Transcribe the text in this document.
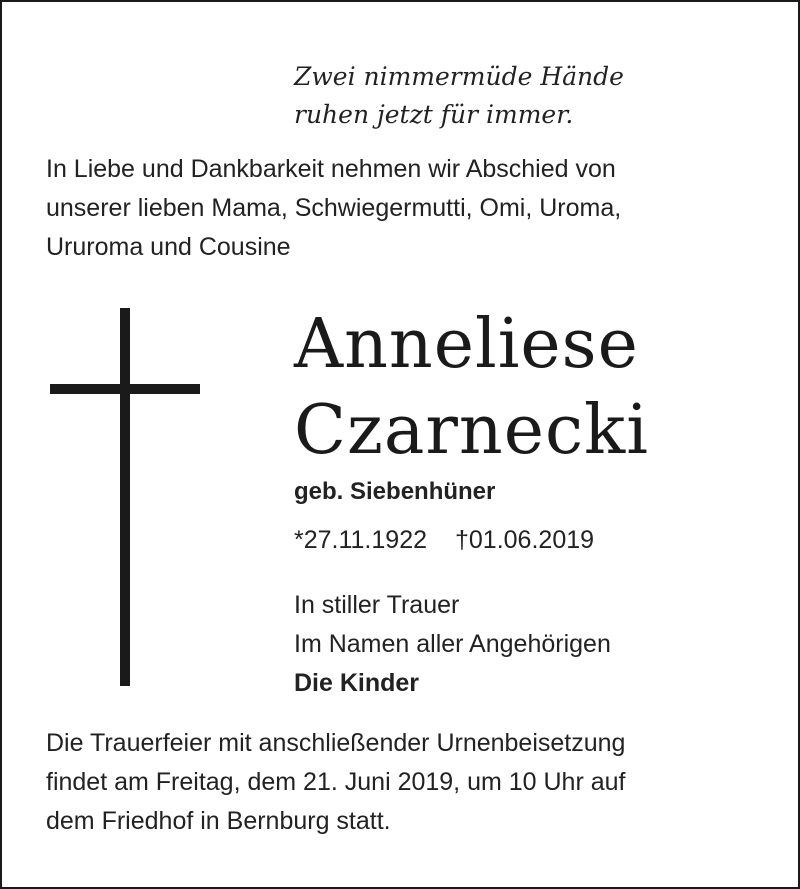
Zwei nimmermüde Hände
ruhen jetzt für immer.
In Liebe und Dankbarkeit nehmen wir Abschied von
unserer lieben Mama, Schwiegermutti, Omi, Uroma,
Ururoma und Cousine
Anneliese
Czarnecki
geb. Siebenhüner
*27.11.1922 †01.06.2019
In stiller Trauer
Im Namen aller Angehörigen
Die Kinder
Die Trauerfeier mit anschließender Urnenbeisetzung
findet am Freitag, dem 21. Juni 2019, um 10 Uhr auf
dem Friedhof in Bernburg statt.
